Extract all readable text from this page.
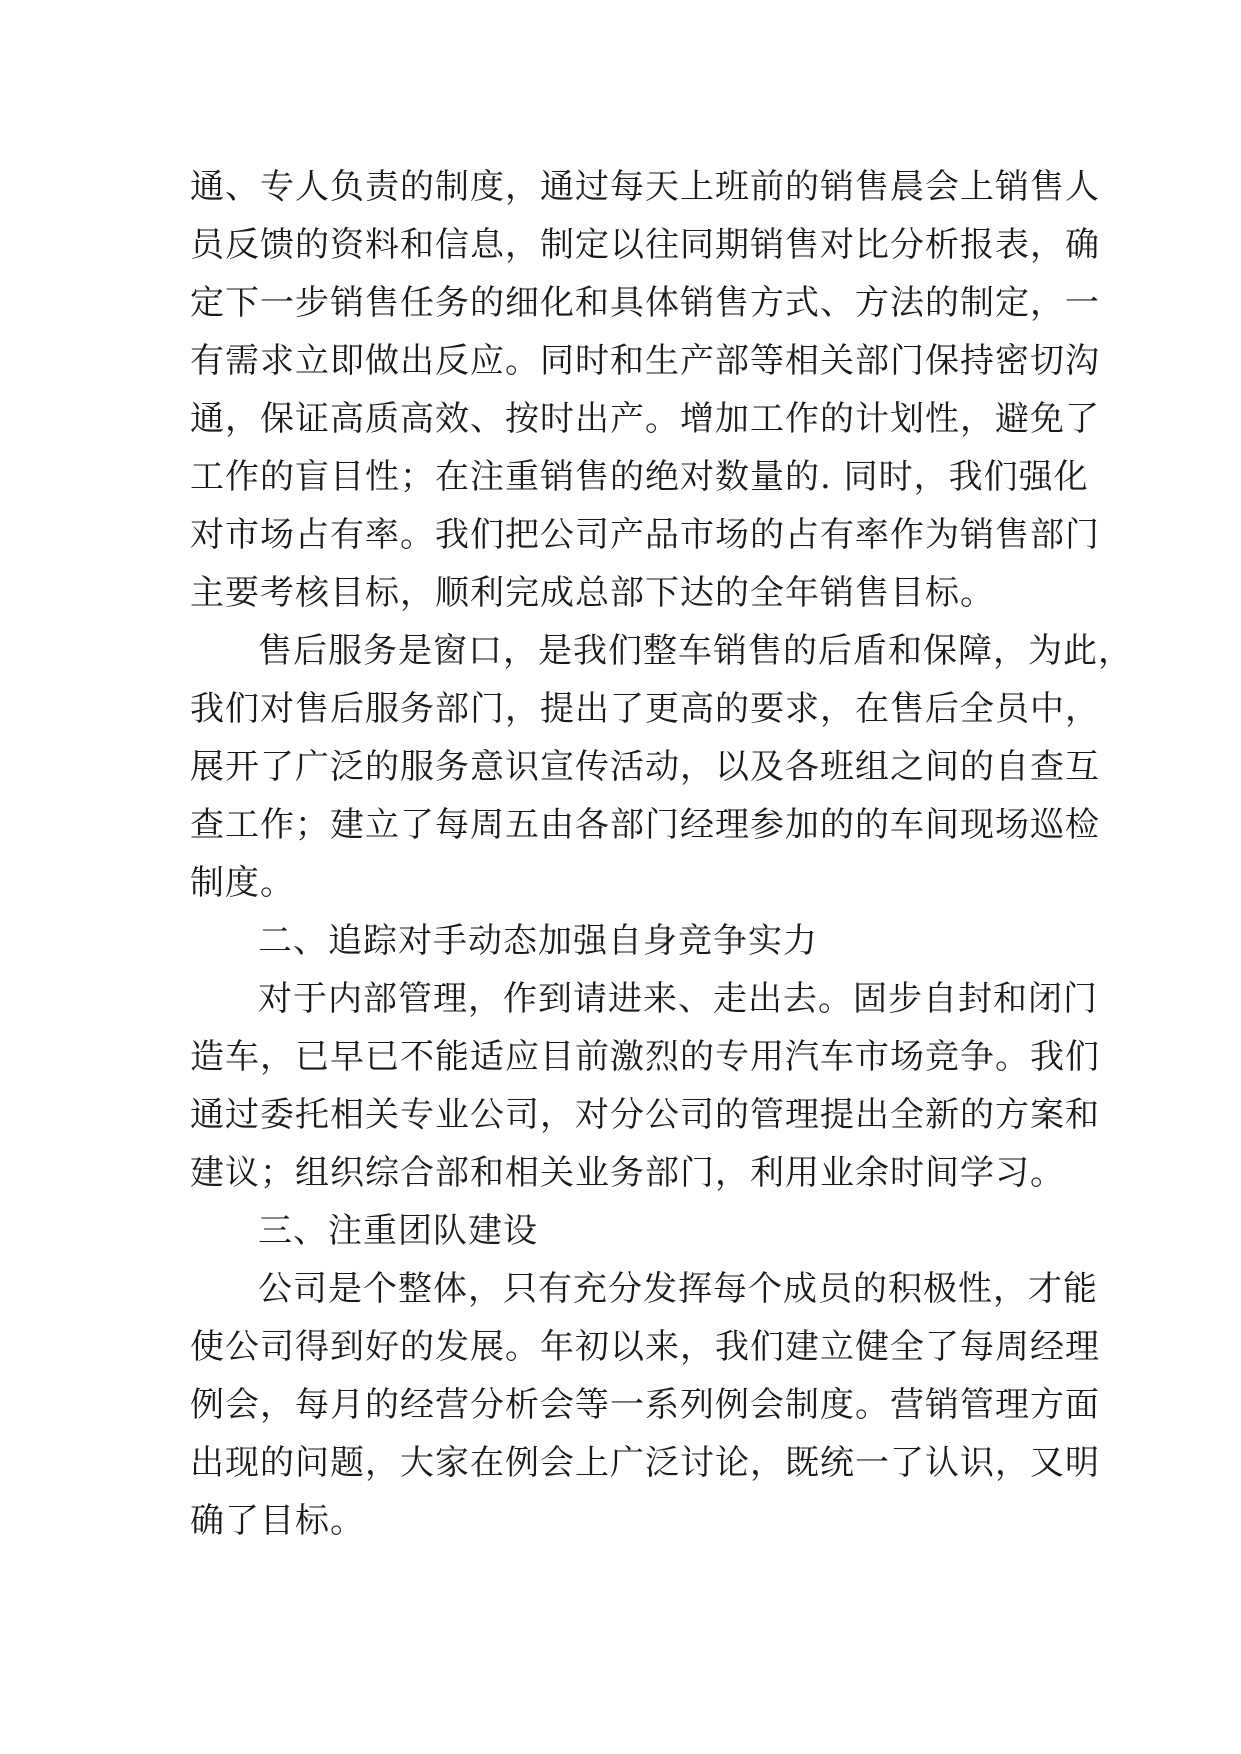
通、专人负责的制度，通过每天上班前的销售晨会上销售人
员反馈的资料和信息，制定以往同期销售对比分析报表，确
定下一步销售任务的细化和具体销售方式、方法的制定，一
有需求立即做出反应。同时和生产部等相关部门保持密切沟
通，保证高质高效、按时出产。增加工作的计划性，避免了
工作的盲目性；在注重销售的绝对数量的. 同时，我们强化
对市场占有率。我们把公司产品市场的占有率作为销售部门
主要考核目标，顺利完成总部下达的全年销售目标。
售后服务是窗口，是我们整车销售的后盾和保障，为此，
我们对售后服务部门，提出了更高的要求，在售后全员中，
展开了广泛的服务意识宣传活动，以及各班组之间的自查互
查工作；建立了每周五由各部门经理参加的的车间现场巡检
制度。
二、追踪对手动态加强自身竞争实力
对于内部管理，作到请进来、走出去。固步自封和闭门
造车，已早已不能适应目前激烈的专用汽车市场竞争。我们
通过委托相关专业公司，对分公司的管理提出全新的方案和
建议；组织综合部和相关业务部门，利用业余时间学习。
三、注重团队建设
公司是个整体，只有充分发挥每个成员的积极性，才能
使公司得到好的发展。年初以来，我们建立健全了每周经理
例会，每月的经营分析会等一系列例会制度。营销管理方面
出现的问题，大家在例会上广泛讨论，既统一了认识，又明
确了目标。
